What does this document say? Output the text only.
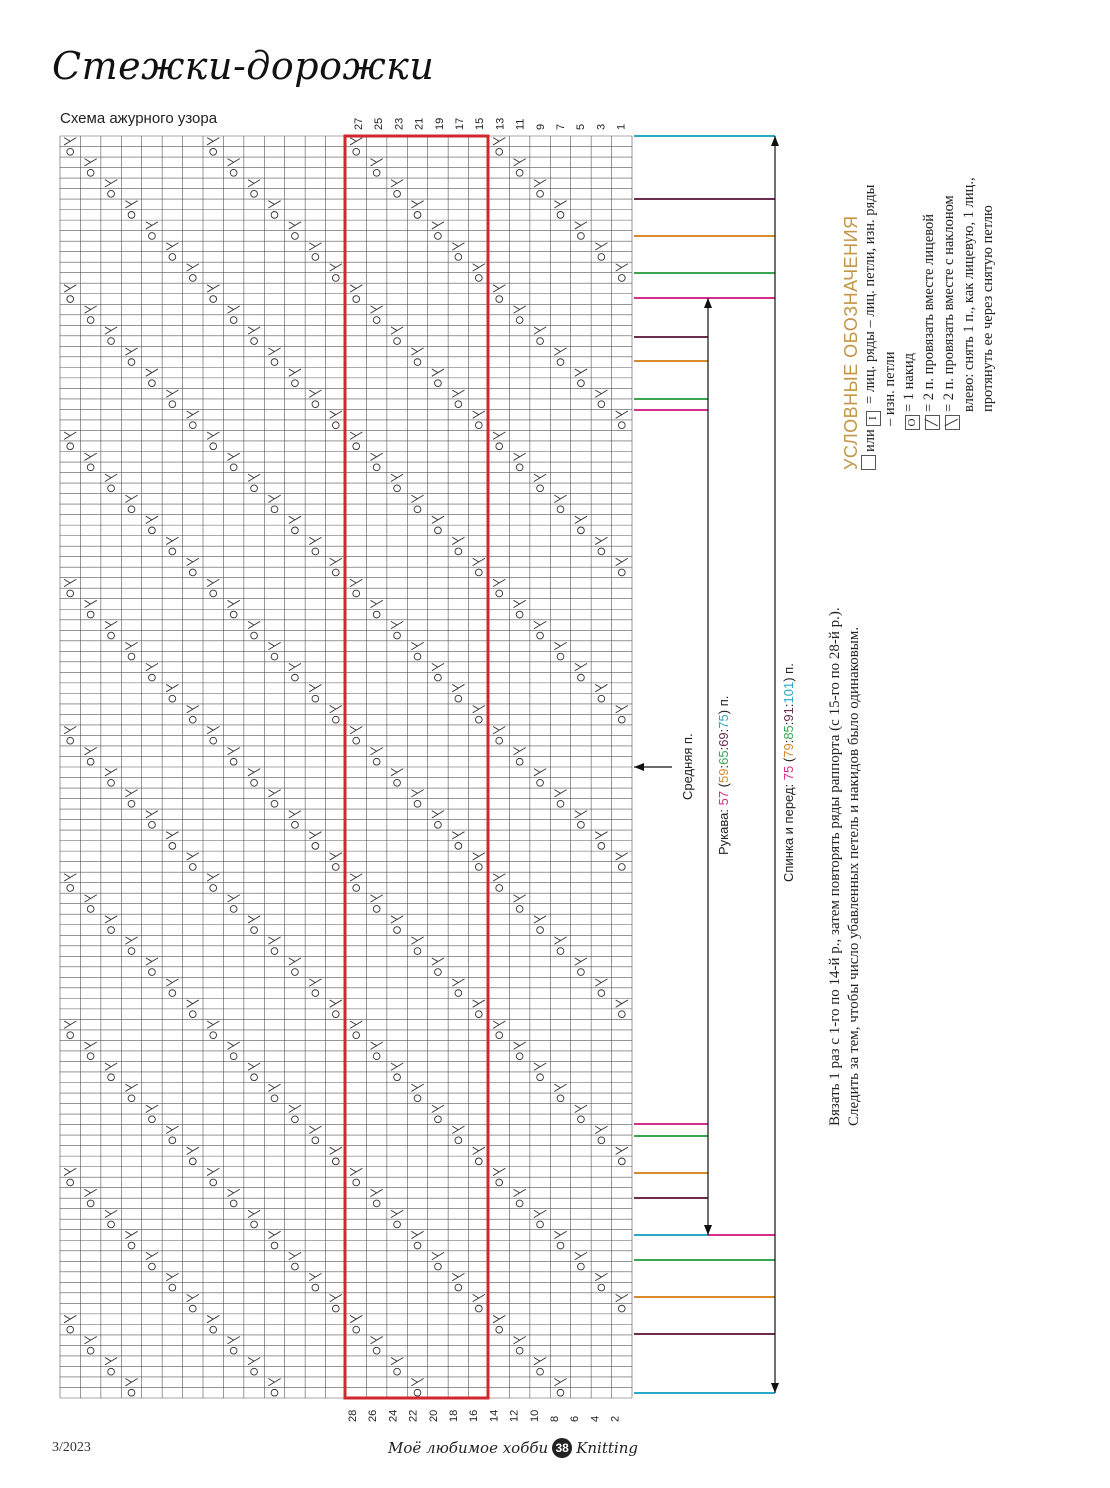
Стежки-дорожки
Схема ажурного узора	27 25 23 21 19 17 15 13 11 9 7 5 3 1
28 26 24 22 20 18 16 14 12 10 8 6 4 2
Средняя п.
Рукава: 57 (59:65:69:75) п.
Спинка и перед: 75 (79:85:91:101) п. Вязать 1 раз с 1-го по 14-й р., затем повторять ряды раппорта (с 15-го по 28-й р.). Следить за тем, чтобы число убавленных петель и накидов было одинаковым.
УСЛОВНЫЕ ОБОЗНАЧЕНИЯ или I = лиц. ряды – лиц. петли, изн. ряды – изн. петли O= 1 накид
╱= 2 п. провязать вместе лицевой
╲= 2 п. провязать вместе с наклоном влево: снять 1 п., как лицевую, 1 лиц., протянуть ее через снятую петлю
3/2023	Моё любимое хобби 38 Knitting
